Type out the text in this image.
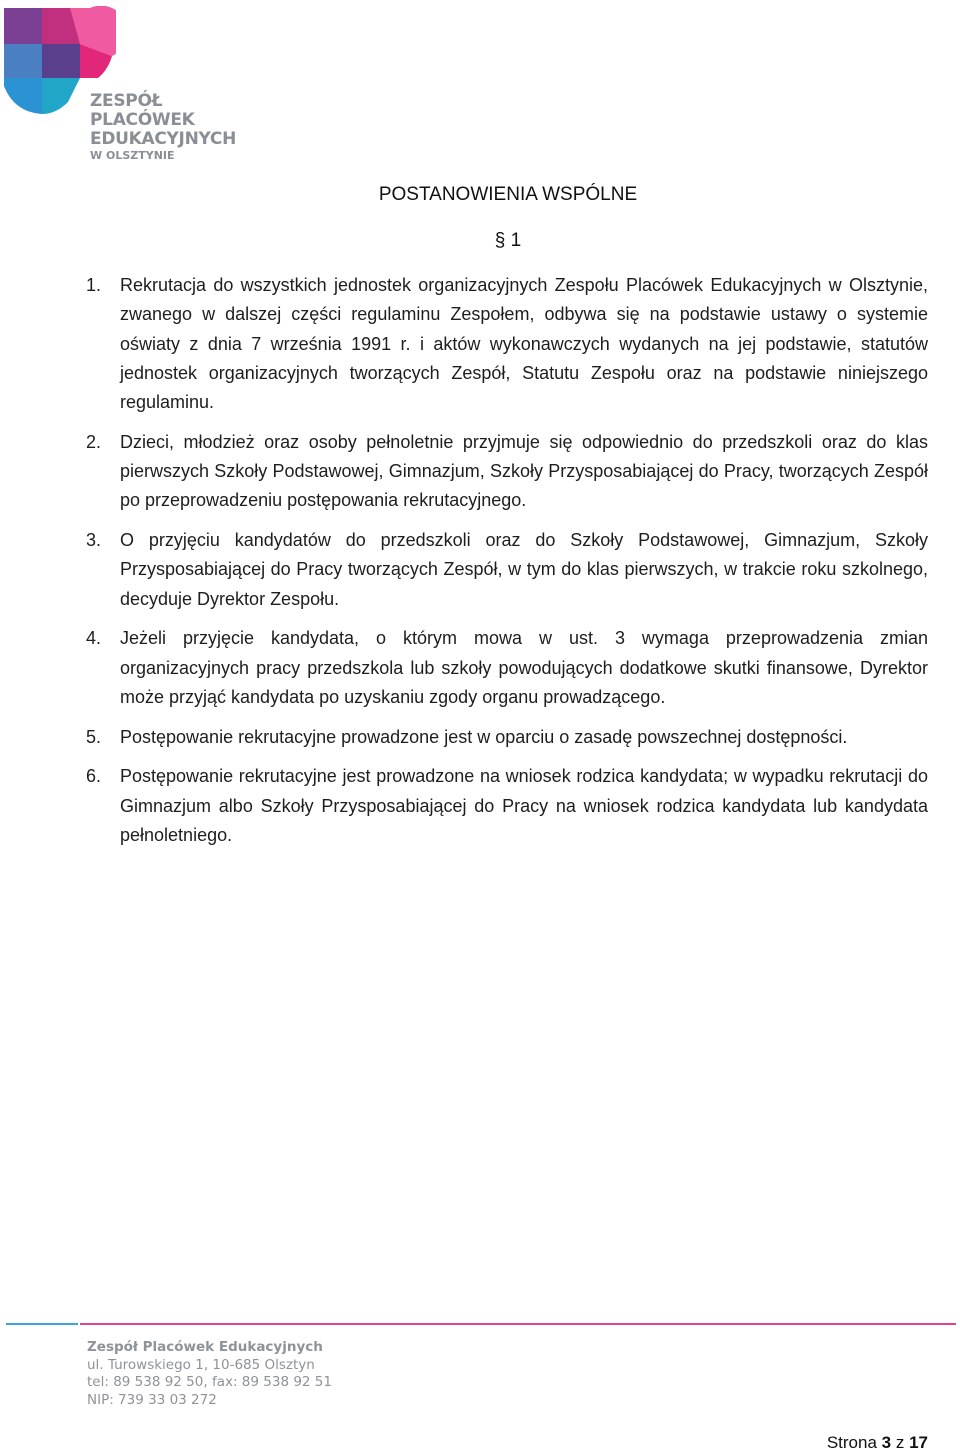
ZESPÓŁ
PLACÓWEK
EDUKACYJNYCH
W OLSZTYNIE
POSTANOWIENIA WSPÓLNE
§ 1
1. Rekrutacja do wszystkich jednostek organizacyjnych Zespołu Placówek Edukacyjnych w Olsztynie, zwanego w dalszej części regulaminu Zespołem, odbywa się na podstawie ustawy o systemie oświaty z dnia 7 września 1991 r. i aktów wykonawczych wydanych na jej podstawie, statutów jednostek organizacyjnych tworzących Zespół, Statutu Zespołu oraz na podstawie niniejszego regulaminu.
2. Dzieci, młodzież oraz osoby pełnoletnie przyjmuje się odpowiednio do przedszkoli oraz do klas pierwszych Szkoły Podstawowej, Gimnazjum, Szkoły Przysposabiającej do Pracy, tworzących Zespół po przeprowadzeniu postępowania rekrutacyjnego.
3. O przyjęciu kandydatów do przedszkoli oraz do Szkoły Podstawowej, Gimnazjum, Szkoły Przysposabiającej do Pracy tworzących Zespół, w tym do klas pierwszych, w trakcie roku szkolnego, decyduje Dyrektor Zespołu.
4. Jeżeli przyjęcie kandydata, o którym mowa w ust. 3 wymaga przeprowadzenia zmian organizacyjnych pracy przedszkola lub szkoły powodujących dodatkowe skutki finansowe, Dyrektor może przyjąć kandydata po uzyskaniu zgody organu prowadzącego.
5. Postępowanie rekrutacyjne prowadzone jest w oparciu o zasadę powszechnej dostępności.
6. Postępowanie rekrutacyjne jest prowadzone na wniosek rodzica kandydata; w wypadku rekrutacji do Gimnazjum albo Szkoły Przysposabiającej do Pracy na wniosek rodzica kandydata lub kandydata pełnoletniego.
Zespół Placówek Edukacyjnych
ul. Turowskiego 1, 10-685 Olsztyn
tel: 89 538 92 50, fax: 89 538 92 51
NIP: 739 33 03 272
Strona 3 z 17
